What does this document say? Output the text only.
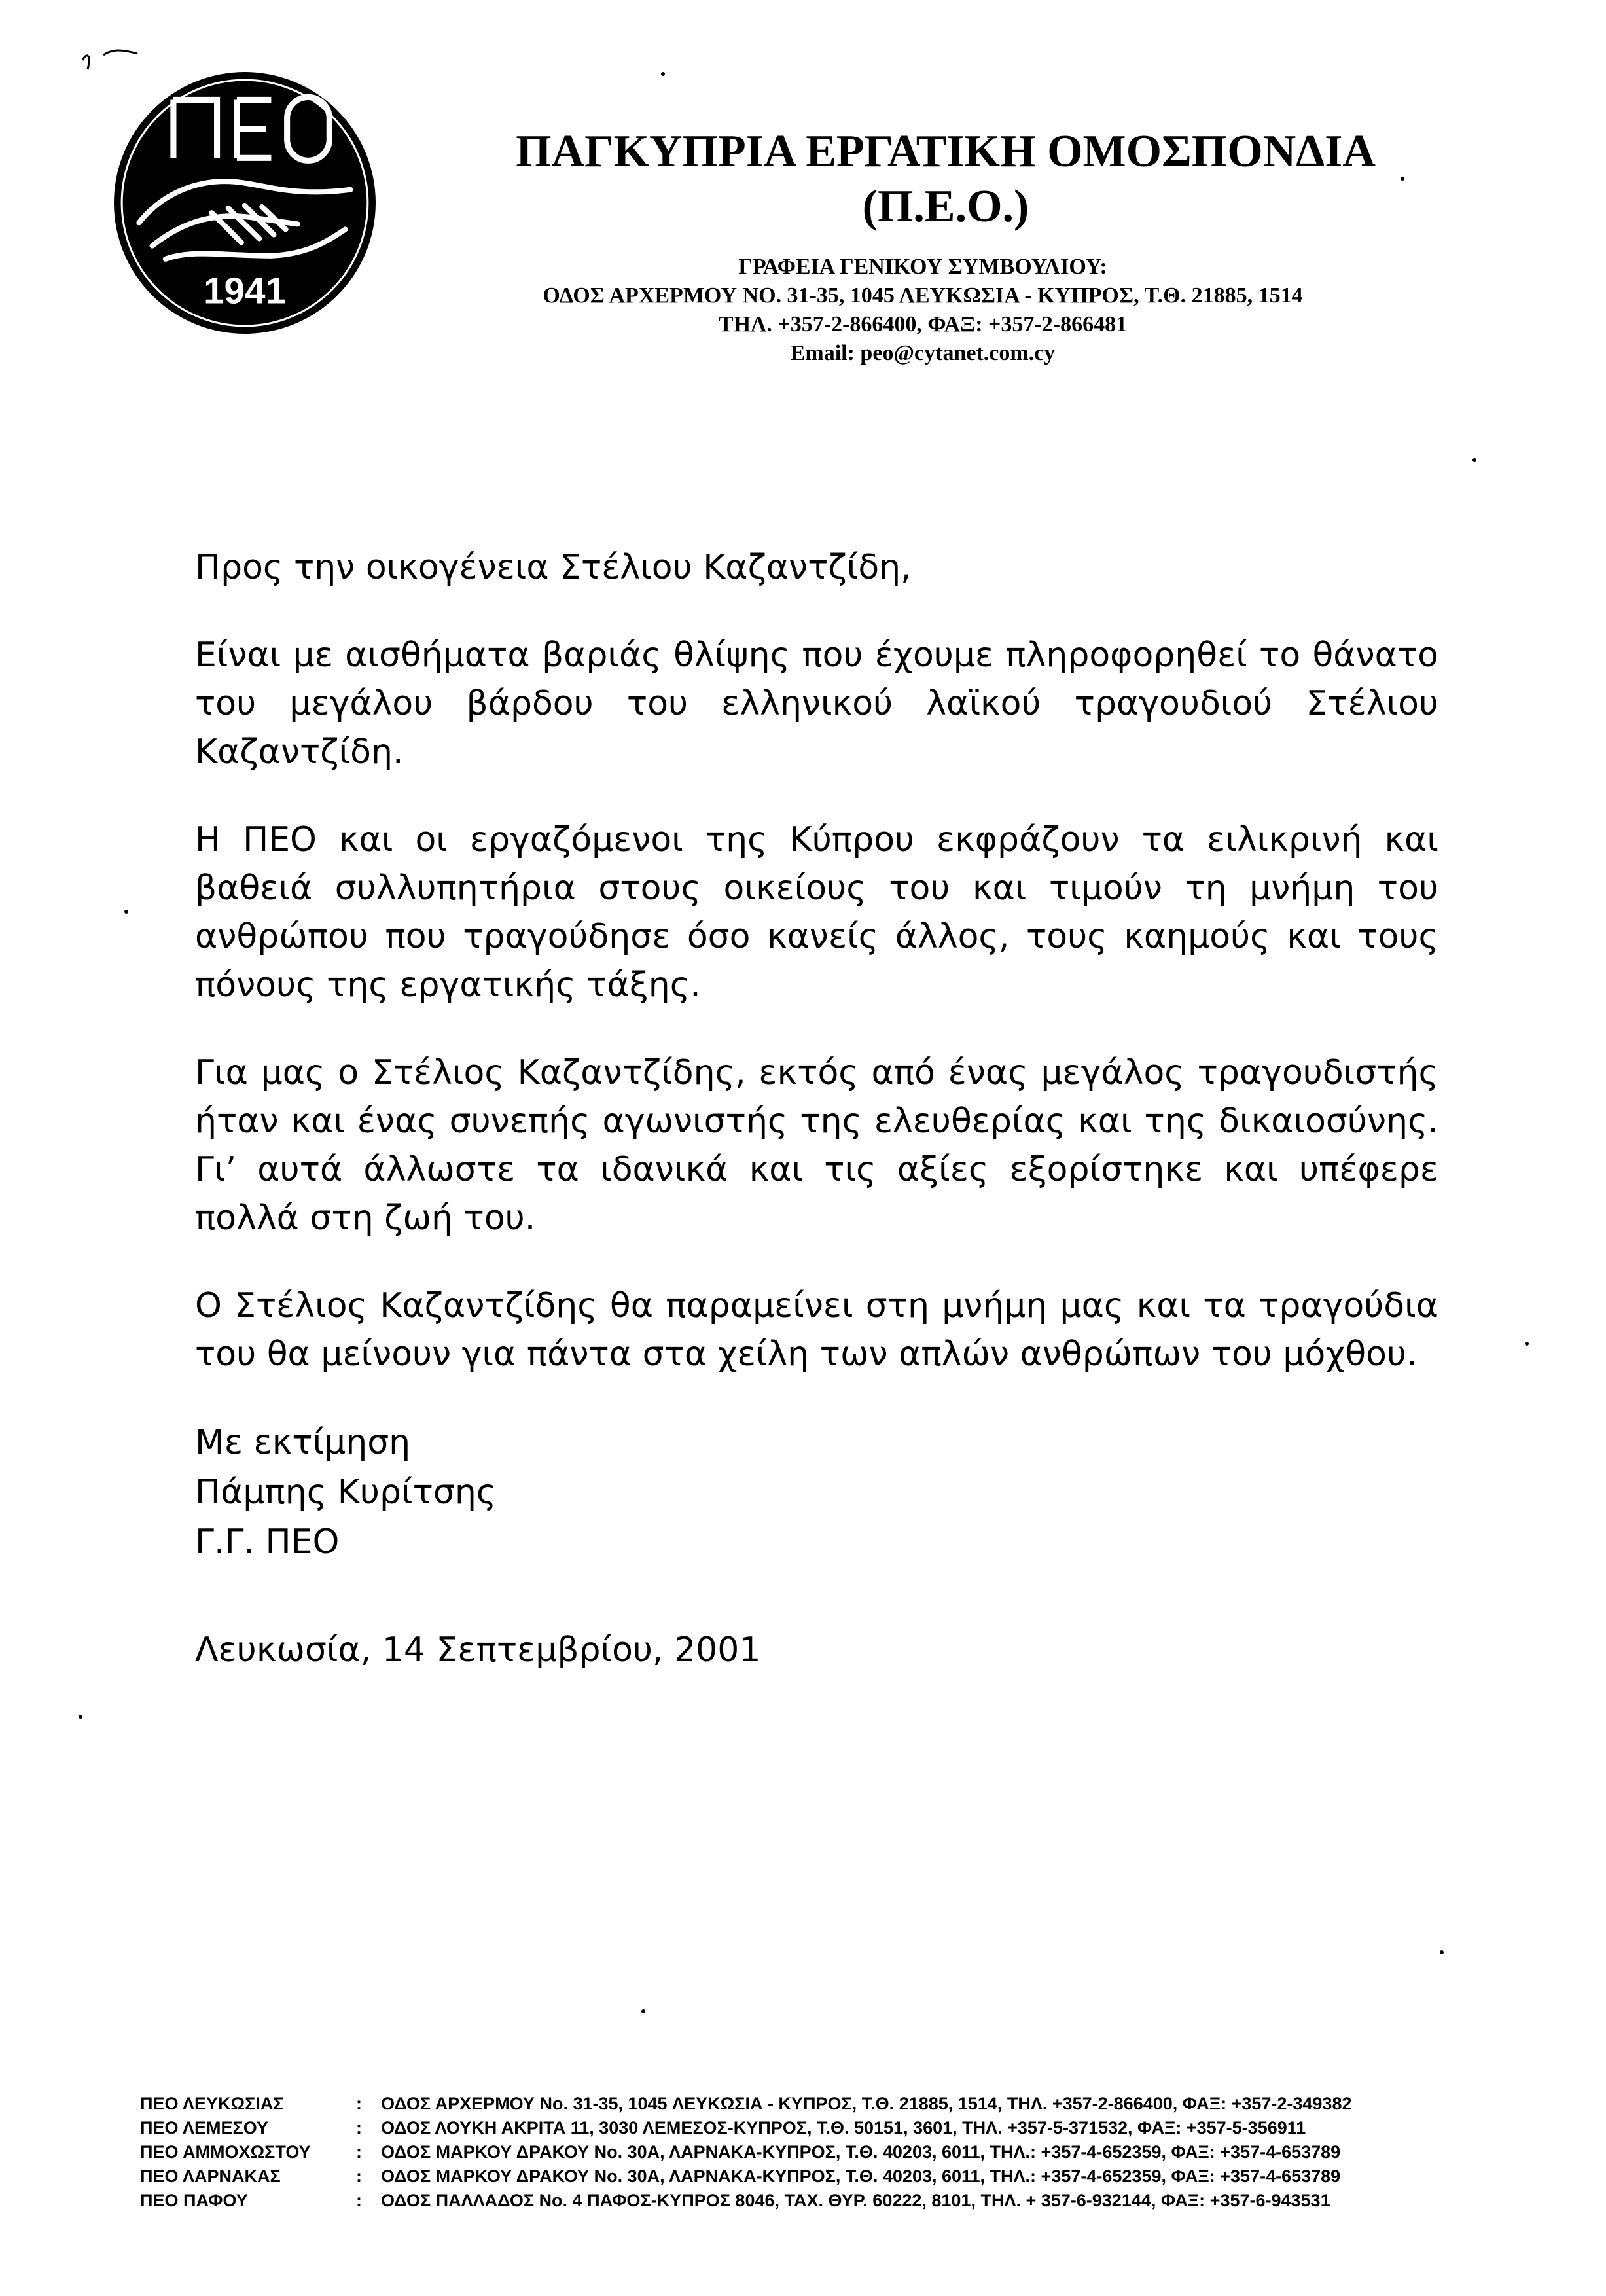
1941
ΠΑΓΚΥΠΡΙΑ ΕΡΓΑΤΙΚΗ ΟΜΟΣΠΟΝΔΙΑ (Π.Ε.Ο.)
ΓΡΑΦΕΙΑ ΓΕΝΙΚΟΥ ΣΥΜΒΟΥΛΙΟΥ:
ΟΔΟΣ ΑΡΧΕΡΜΟΥ ΝΟ. 31-35, 1045 ΛΕΥΚΩΣΙΑ - ΚΥΠΡΟΣ, Τ.Θ. 21885, 1514
ΤΗΛ. +357-2-866400, ΦΑΞ: +357-2-866481
Email: peo@cytanet.com.cy

Προς την οικογένεια Στέλιου Καζαντζίδη,

Είναι με αισθήματα βαριάς θλίψης που έχουμε πληροφορηθεί το θάνατο του μεγάλου βάρδου του ελληνικού λαϊκού τραγουδιού Στέλιου Καζαντζίδη.

Η ΠΕΟ και οι εργαζόμενοι της Κύπρου εκφράζουν τα ειλικρινή και βαθειά συλλυπητήρια στους οικείους του και τιμούν τη μνήμη του ανθρώπου που τραγούδησε όσο κανείς άλλος, τους καημούς και τους πόνους της εργατικής τάξης.

Για μας ο Στέλιος Καζαντζίδης, εκτός από ένας μεγάλος τραγουδιστής ήταν και ένας συνεπής αγωνιστής της ελευθερίας και της δικαιοσύνης. Γι’ αυτά άλλωστε τα ιδανικά και τις αξίες εξορίστηκε και υπέφερε πολλά στη ζωή του.

Ο Στέλιος Καζαντζίδης θα παραμείνει στη μνήμη μας και τα τραγούδια του θα μείνουν για πάντα στα χείλη των απλών ανθρώπων του μόχθου.

Με εκτίμηση
Πάμπης Κυρίτσης
Γ.Γ. ΠΕΟ
Λευκωσία, 14 Σεπτεμβρίου, 2001
ΠΕΟ ΛΕΥΚΩΣΙΑΣ	:	ΟΔΟΣ ΑΡΧΕΡΜΟΥ No. 31-35, 1045 ΛΕΥΚΩΣΙΑ - ΚΥΠΡΟΣ, Τ.Θ. 21885, 1514, ΤΗΛ. +357-2-866400, ΦΑΞ: +357-2-349382
ΠΕΟ ΛΕΜΕΣΟΥ	:	ΟΔΟΣ ΛΟΥΚΗ ΑΚΡΙΤΑ 11, 3030 ΛΕΜΕΣΟΣ-ΚΥΠΡΟΣ, Τ.Θ. 50151, 3601, ΤΗΛ. +357-5-371532, ΦΑΞ: +357-5-356911
ΠΕΟ ΑΜΜΟΧΩΣΤΟΥ	:	ΟΔΟΣ ΜΑΡΚΟΥ ΔΡΑΚΟΥ No. 30Α, ΛΑΡΝΑΚΑ-ΚΥΠΡΟΣ, Τ.Θ. 40203, 6011, ΤΗΛ.: +357-4-652359, ΦΑΞ: +357-4-653789
ΠΕΟ ΛΑΡΝΑΚΑΣ	:	ΟΔΟΣ ΜΑΡΚΟΥ ΔΡΑΚΟΥ No. 30Α, ΛΑΡΝΑΚΑ-ΚΥΠΡΟΣ, Τ.Θ. 40203, 6011, ΤΗΛ.: +357-4-652359, ΦΑΞ: +357-4-653789
ΠΕΟ ΠΑΦΟΥ	:	ΟΔΟΣ ΠΑΛΛΑΔΟΣ No. 4 ΠΑΦΟΣ-ΚΥΠΡΟΣ 8046, ΤΑΧ. ΘΥΡ. 60222, 8101, ΤΗΛ. + 357-6-932144, ΦΑΞ: +357-6-943531
